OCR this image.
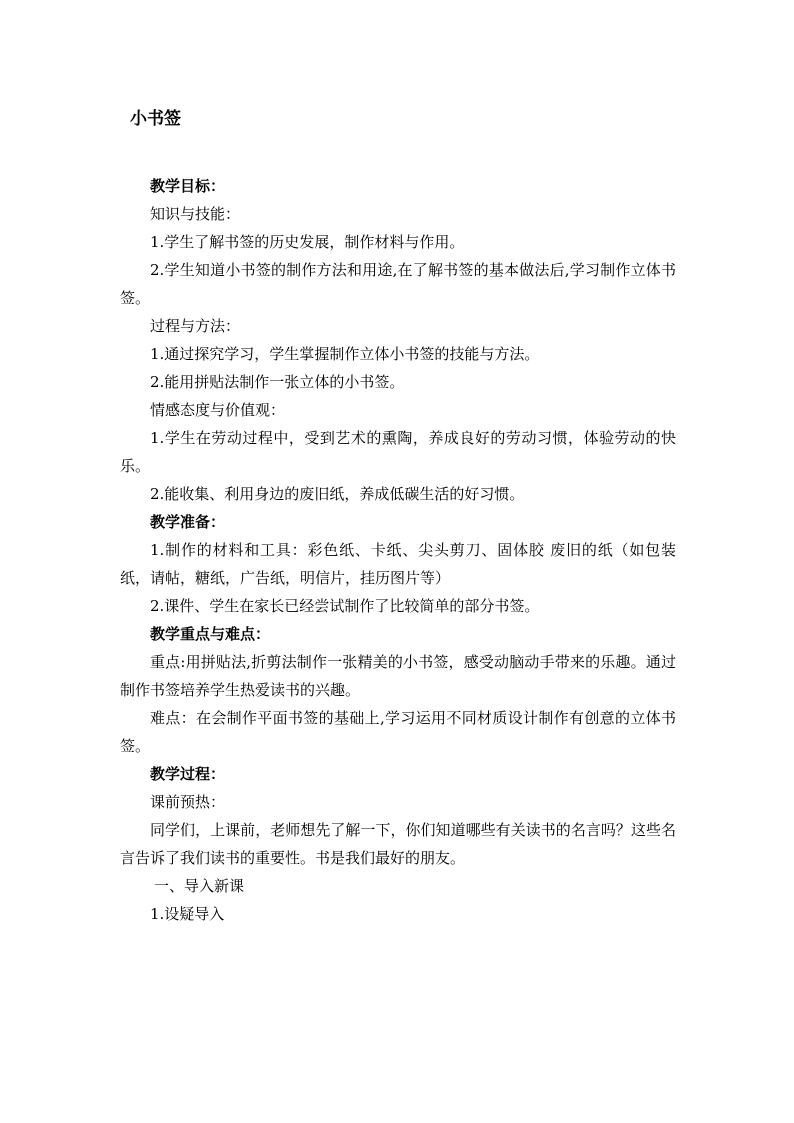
小书签

教学目标：

知识与技能：

1.学生了解书签的历史发展，制作材料与作用。

2.学生知道小书签的制作方法和用途,在了解书签的基本做法后,学习制作立体书签。

过程与方法：

1.通过探究学习，学生掌握制作立体小书签的技能与方法。

2.能用拼贴法制作一张立体的小书签。

情感态度与价值观：

1.学生在劳动过程中，受到艺术的熏陶，养成良好的劳动习惯，体验劳动的快乐。

2.能收集、利用身边的废旧纸，养成低碳生活的好习惯。

教学准备：

1.制作的材料和工具：彩色纸、卡纸、尖头剪刀、固体胶 废旧的纸（如包装纸，请帖，糖纸，广告纸，明信片，挂历图片等）

2.课件、学生在家长已经尝试制作了比较简单的部分书签。

教学重点与难点：

重点:用拼贴法,折剪法制作一张精美的小书签，感受动脑动手带来的乐趣。通过制作书签培养学生热爱读书的兴趣。

难点：在会制作平面书签的基础上,学习运用不同材质设计制作有创意的立体书签。

教学过程：

课前预热：

同学们，上课前，老师想先了解一下，你们知道哪些有关读书的名言吗？这些名言告诉了我们读书的重要性。书是我们最好的朋友。

一、导入新课

1.设疑导入
